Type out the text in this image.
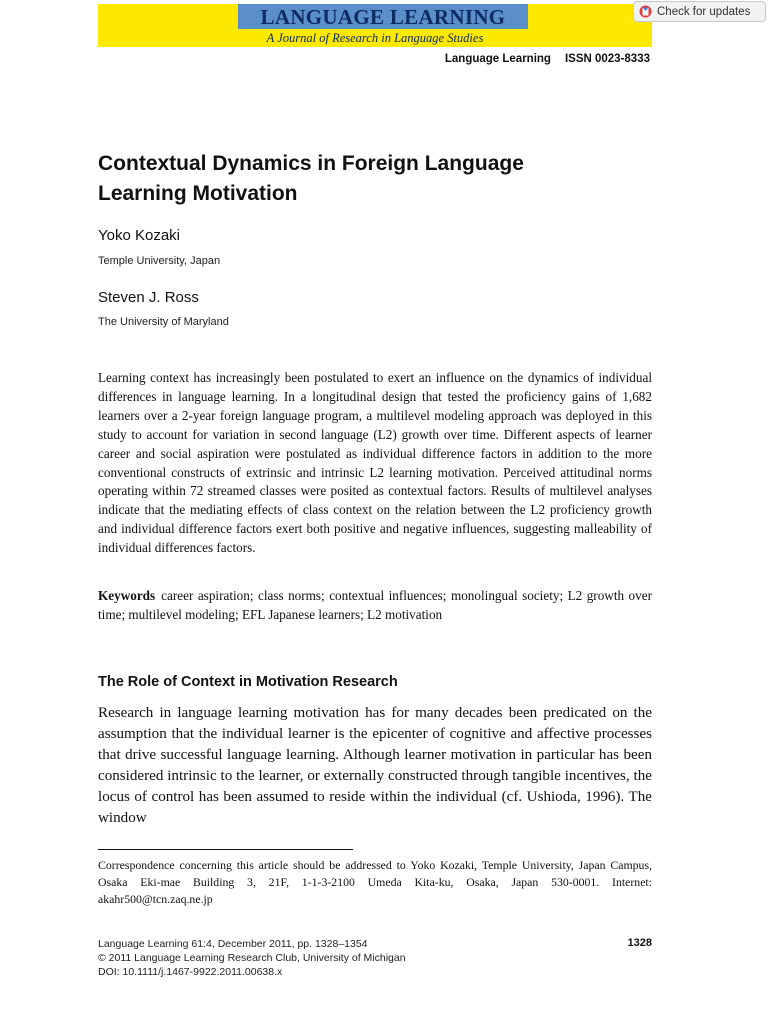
LANGUAGE LEARNING
A Journal of Research in Language Studies
Check for updates
Language Learning ISSN 0023-8333
Contextual Dynamics in Foreign Language
Learning Motivation
Yoko Kozaki
Temple University, Japan
Steven J. Ross
The University of Maryland
Learning context has increasingly been postulated to exert an influence on the dynamics of individual differences in language learning. In a longitudinal design that tested the proficiency gains of 1,682 learners over a 2-year foreign language program, a multilevel modeling approach was deployed in this study to account for variation in second language (L2) growth over time. Different aspects of learner career and social aspiration were postulated as individual difference factors in addition to the more conventional constructs of extrinsic and intrinsic L2 learning motivation. Perceived attitudinal norms operating within 72 streamed classes were posited as contextual factors. Results of multilevel analyses indicate that the mediating effects of class context on the relation between the L2 proficiency growth and individual difference factors exert both positive and negative influences, suggesting malleability of individual differences factors.
Keywords career aspiration; class norms; contextual influences; monolingual society; L2 growth over time; multilevel modeling; EFL Japanese learners; L2 motivation
The Role of Context in Motivation Research
Research in language learning motivation has for many decades been predicated on the assumption that the individual learner is the epicenter of cognitive and affective processes that drive successful language learning. Although learner motivation in particular has been considered intrinsic to the learner, or externally constructed through tangible incentives, the locus of control has been assumed to reside within the individual (cf. Ushioda, 1996). The window
Correspondence concerning this article should be addressed to Yoko Kozaki, Temple University, Japan Campus, Osaka Eki-mae Building 3, 21F, 1-1-3-2100 Umeda Kita-ku, Osaka, Japan 530-0001. Internet: akahr500@tcn.zaq.ne.jp
Language Learning 61:4, December 2011, pp. 1328–1354
© 2011 Language Learning Research Club, University of Michigan
DOI: 10.1111/j.1467-9922.2011.00638.x
1328
